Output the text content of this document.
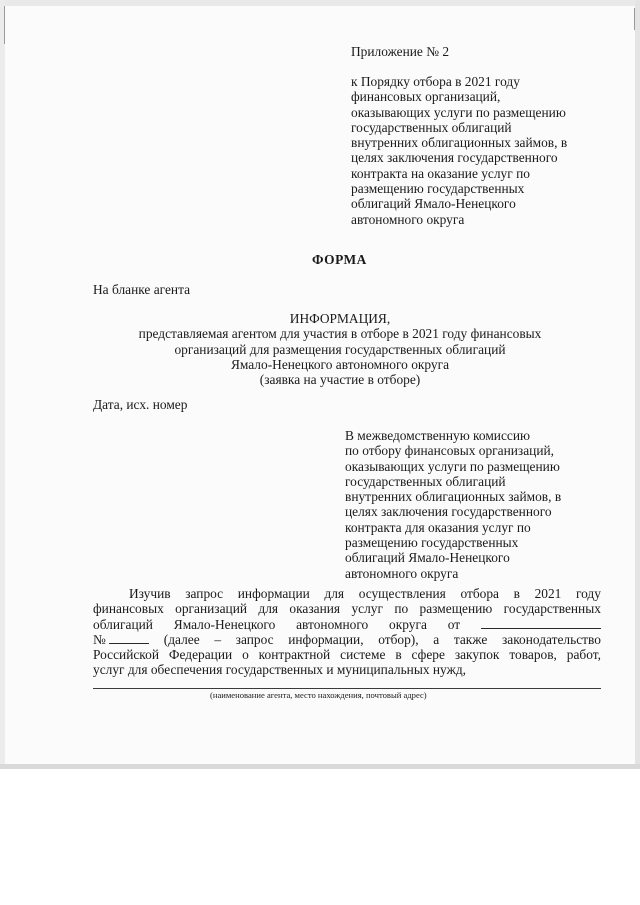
Приложение № 2
к Порядку отбора в 2021 году
финансовых организаций,
оказывающих услуги по размещению
государственных облигаций
внутренних облигационных займов, в
целях заключения государственного
контракта на оказание услуг по
размещению государственных
облигаций Ямало-Ненецкого
автономного округа
ФОРМА
На бланке агента
ИНФОРМАЦИЯ,
представляемая агентом для участия в отборе в 2021 году финансовых
организаций для размещения государственных облигаций
Ямало-Ненецкого автономного округа
(заявка на участие в отборе)
Дата, исх. номер
В межведомственную комиссию
по отбору финансовых организаций,
оказывающих услуги по размещению
государственных облигаций
внутренних облигационных займов, в
целях заключения государственного
контракта для оказания услуг по
размещению государственных
облигаций Ямало-Ненецкого
автономного округа
Изучив запрос информации для осуществления отбора в 2021 году
финансовых организаций для оказания услуг по размещению государственных
облигаций Ямало-Ненецкого автономного округа от
№	(далее – запрос информации, отбор), а также законодательство
Российской Федерации о контрактной системе в сфере закупок товаров, работ,
услуг для обеспечения государственных и муниципальных нужд,
(наименование агента, место нахождения, почтовый адрес)
